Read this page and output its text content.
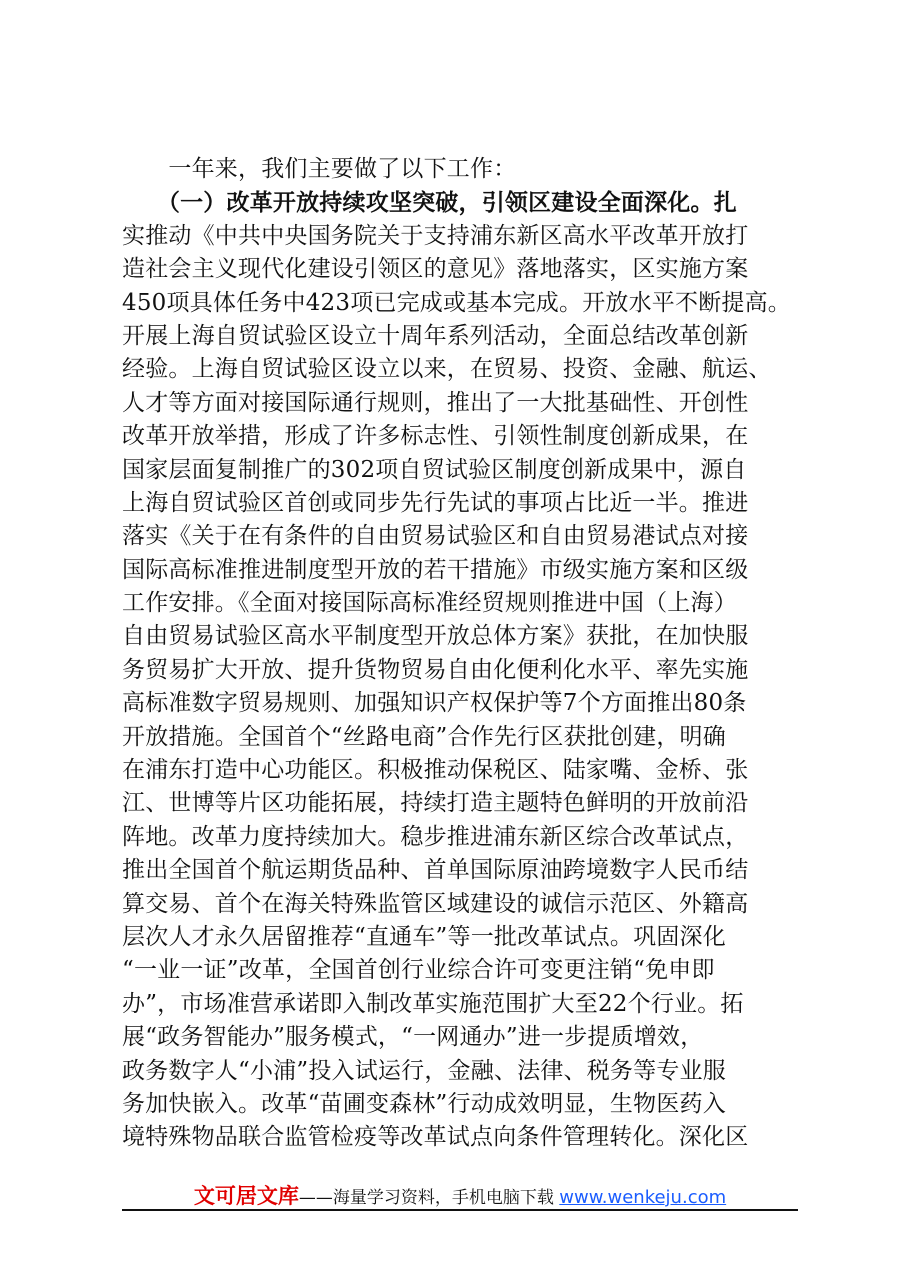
　　一年来，我们主要做了以下工作：
　　（一）改革开放持续攻坚突破，引领区建设全面深化。扎
实推动《中共中央国务院关于支持浦东新区高水平改革开放打
造社会主义现代化建设引领区的意见》落地落实，区实施方案
450项具体任务中423项已完成或基本完成。开放水平不断提高。
开展上海自贸试验区设立十周年系列活动，全面总结改革创新
经验。上海自贸试验区设立以来，在贸易、投资、金融、航运、
人才等方面对接国际通行规则，推出了一大批基础性、开创性
改革开放举措，形成了许多标志性、引领性制度创新成果，在
国家层面复制推广的302项自贸试验区制度创新成果中，源自
上海自贸试验区首创或同步先行先试的事项占比近一半。推进
落实《关于在有条件的自由贸易试验区和自由贸易港试点对接
国际高标准推进制度型开放的若干措施》市级实施方案和区级
工作安排。《全面对接国际高标准经贸规则推进中国（上海）
自由贸易试验区高水平制度型开放总体方案》获批，在加快服
务贸易扩大开放、提升货物贸易自由化便利化水平、率先实施
高标准数字贸易规则、加强知识产权保护等7个方面推出80条
开放措施。全国首个“丝路电商”合作先行区获批创建，明确
在浦东打造中心功能区。积极推动保税区、陆家嘴、金桥、张
江、世博等片区功能拓展，持续打造主题特色鲜明的开放前沿
阵地。改革力度持续加大。稳步推进浦东新区综合改革试点，
推出全国首个航运期货品种、首单国际原油跨境数字人民币结
算交易、首个在海关特殊监管区域建设的诚信示范区、外籍高
层次人才永久居留推荐“直通车”等一批改革试点。巩固深化
“一业一证”改革，全国首创行业综合许可变更注销“免申即
办”，市场准营承诺即入制改革实施范围扩大至22个行业。拓
展“政务智能办”服务模式，“一网通办”进一步提质增效，
政务数字人“小浦”投入试运行，金融、法律、税务等专业服
务加快嵌入。改革“苗圃变森林”行动成效明显，生物医药入
境特殊物品联合监管检疫等改革试点向条件管理转化。深化区
文可居文库——海量学习资料，手机电脑下载 www.wenkeju.com
